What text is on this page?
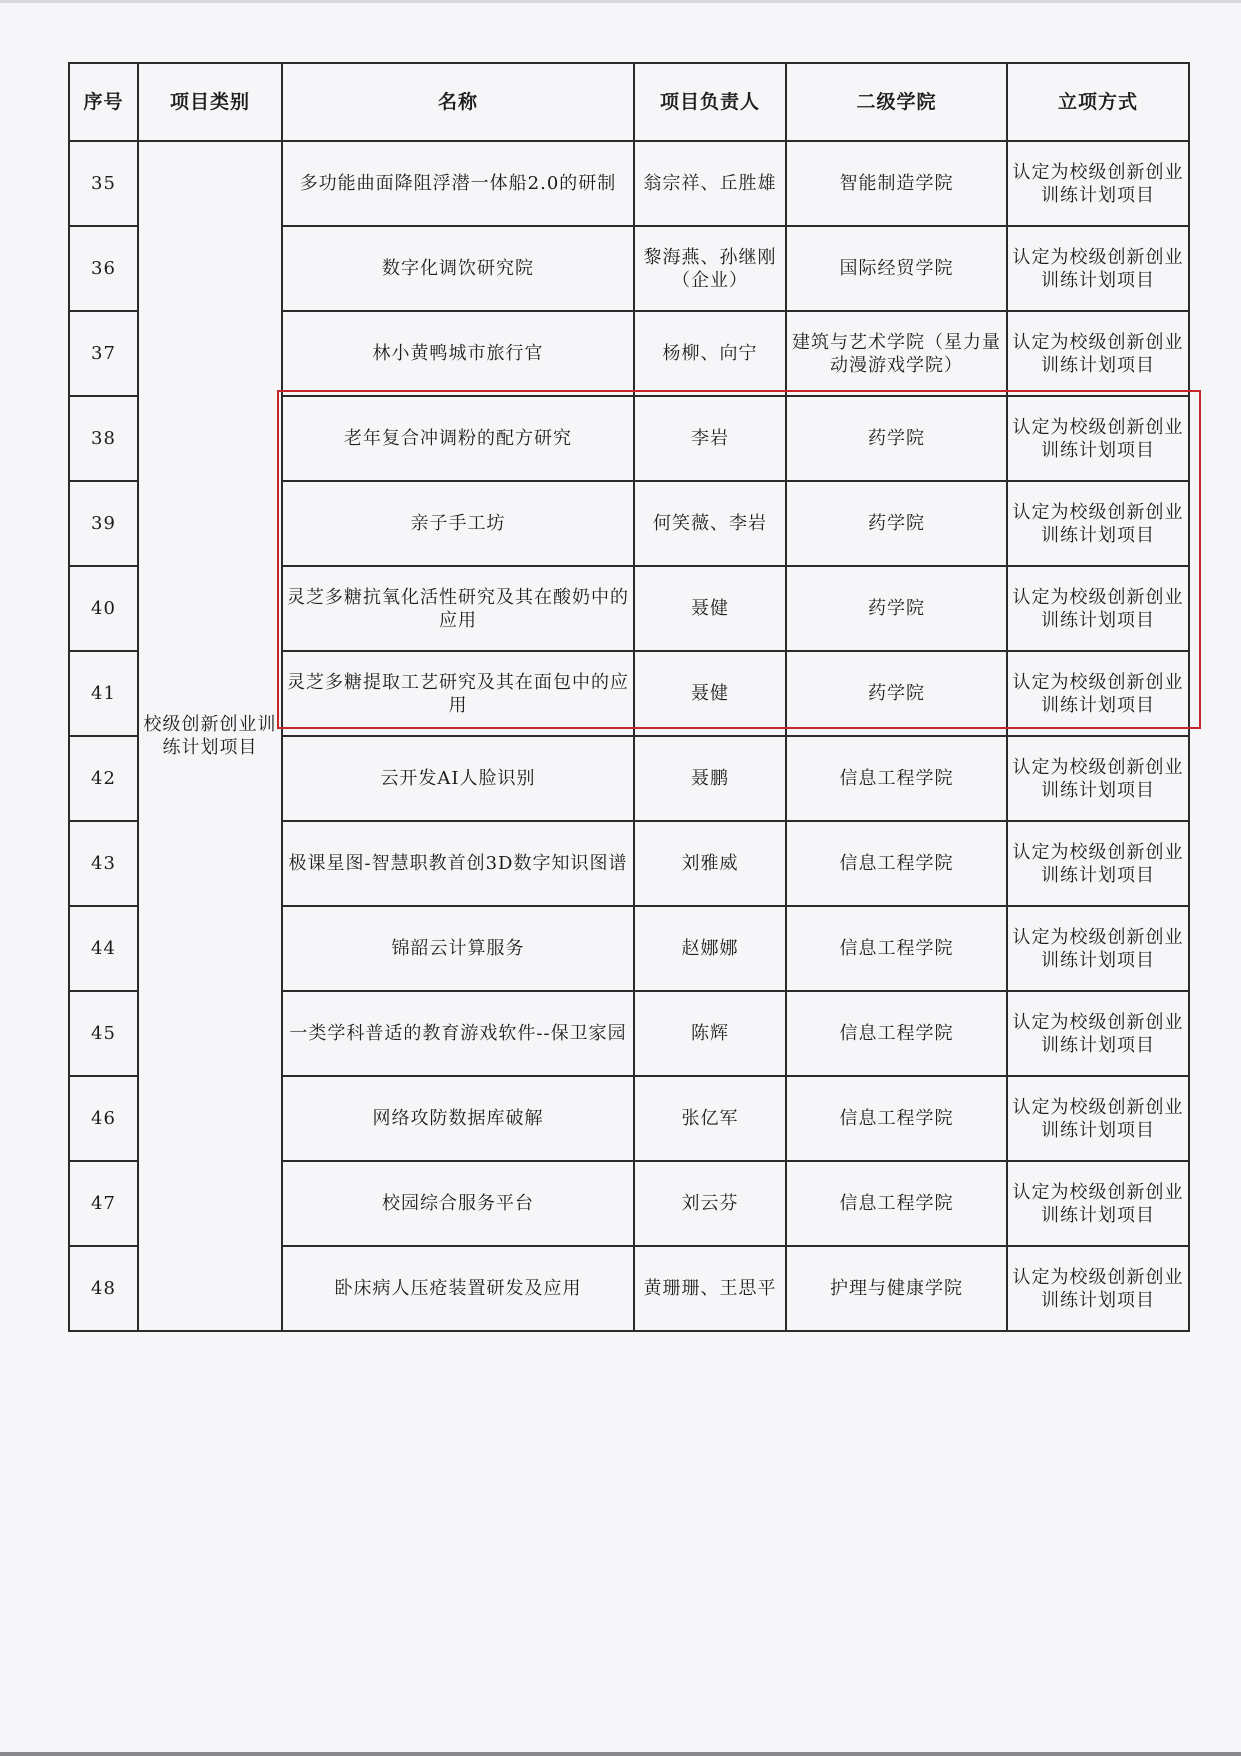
序号	项目类别	名称	项目负责人	二级学院	立项方式
35	校级创新创业训练计划项目	多功能曲面降阻浮潜一体船2.0的研制	翁宗祥、丘胜雄	智能制造学院	认定为校级创新创业训练计划项目
36		数字化调饮研究院	黎海燕、孙继刚（企业）	国际经贸学院	认定为校级创新创业训练计划项目
37		林小黄鸭城市旅行官	杨柳、向宁	建筑与艺术学院（星力量动漫游戏学院）	认定为校级创新创业训练计划项目
38		老年复合冲调粉的配方研究	李岩	药学院	认定为校级创新创业训练计划项目
39		亲子手工坊	何笑薇、李岩	药学院	认定为校级创新创业训练计划项目
40		灵芝多糖抗氧化活性研究及其在酸奶中的应用	聂健	药学院	认定为校级创新创业训练计划项目
41		灵芝多糖提取工艺研究及其在面包中的应用	聂健	药学院	认定为校级创新创业训练计划项目
42		云开发AI人脸识别	聂鹏	信息工程学院	认定为校级创新创业训练计划项目
43		极课星图-智慧职教首创3D数字知识图谱	刘雅威	信息工程学院	认定为校级创新创业训练计划项目
44		锦韶云计算服务	赵娜娜	信息工程学院	认定为校级创新创业训练计划项目
45		一类学科普适的教育游戏软件--保卫家园	陈辉	信息工程学院	认定为校级创新创业训练计划项目
46		网络攻防数据库破解	张亿军	信息工程学院	认定为校级创新创业训练计划项目
47		校园综合服务平台	刘云芬	信息工程学院	认定为校级创新创业训练计划项目
48		卧床病人压疮装置研发及应用	黄珊珊、王思平	护理与健康学院	认定为校级创新创业训练计划项目
